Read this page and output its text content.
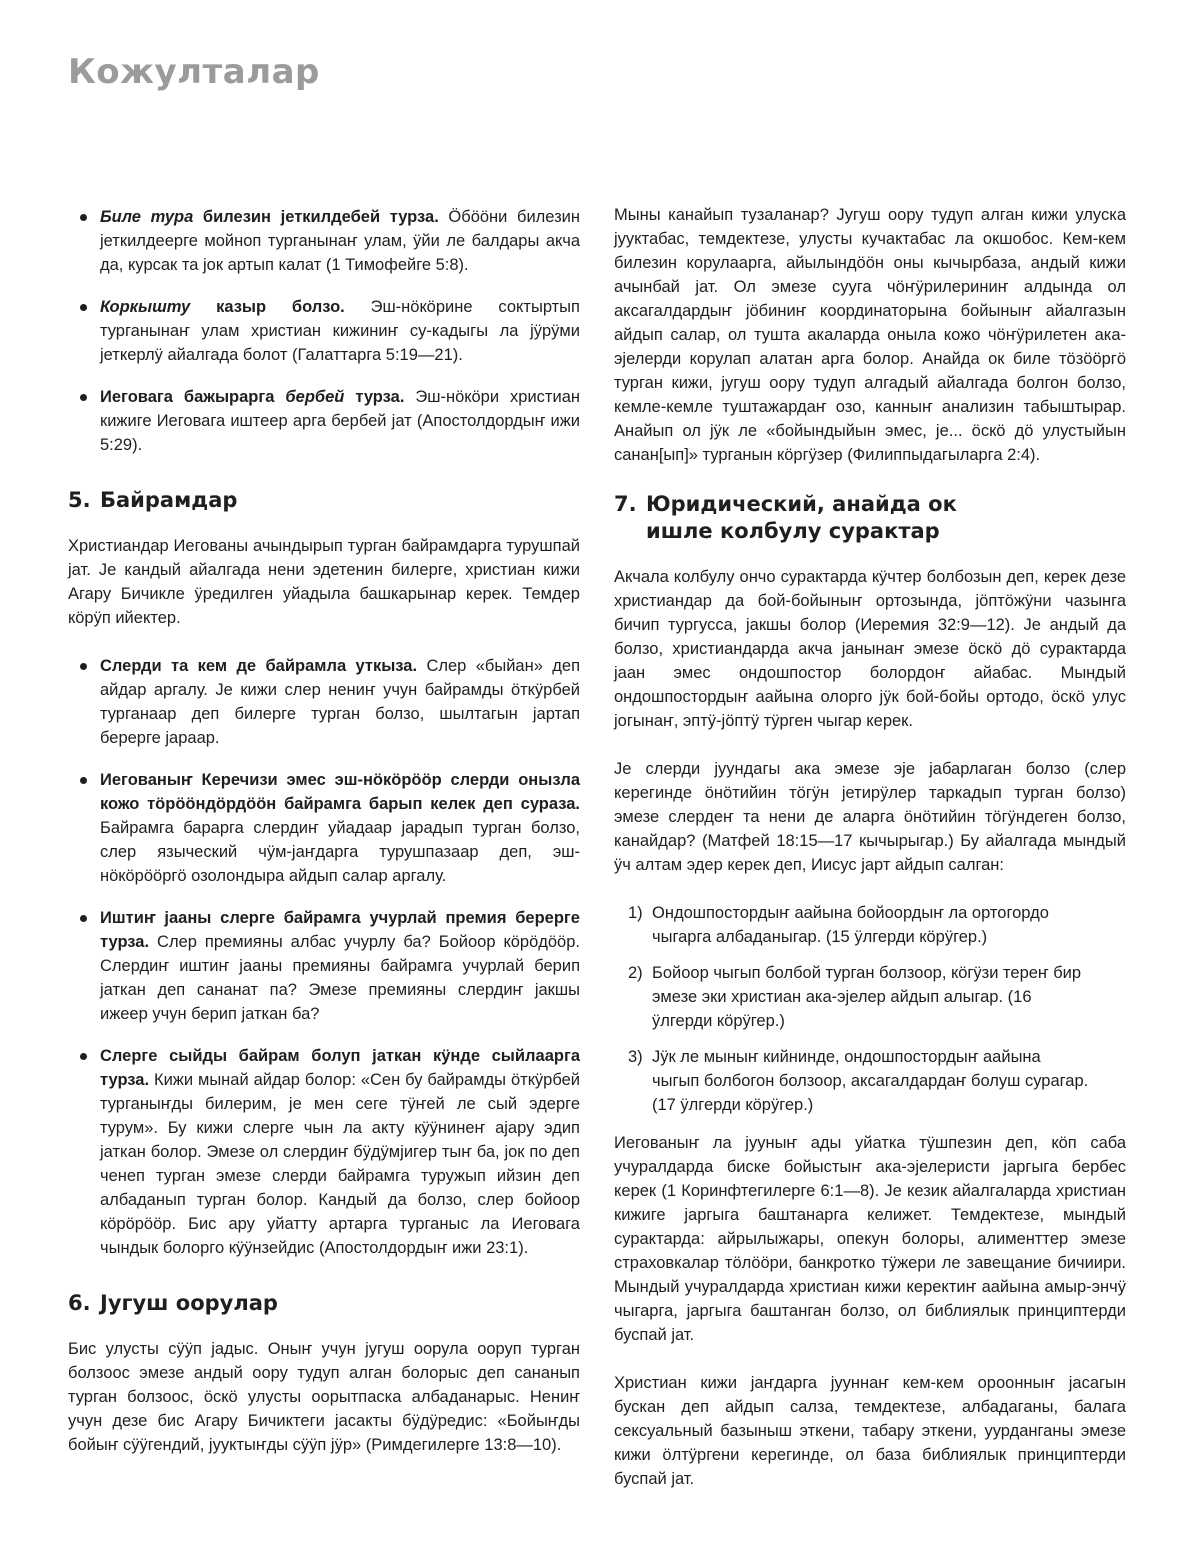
Кожулталар
Биле тура билезин јеткилдебей турза. Ӧбӧӧни билезин јеткилдеерге мойноп турганынаҥ улам, ӱйи ле балдары акча да, курсак та јок артып калат (1 Тимофейге 5:8).
Коркышту казыр болзо. Эш-нӧкӧрине соктыртып турганынаҥ улам христиан кижиниҥ су-кадыгы ла јӱрӱми јеткерлӱ айалгада болот (Галаттарга 5:19—21).
Иеговага бажырарга бербей турза. Эш-нӧкӧри христиан кижиге Иеговага иштеер арга бербей јат (Апостолдордыҥ ижи 5:29).
5. Байрамдар

Христиандар Иегованы ачындырып турган байрамдарга турушпай јат. Је кандый айалгада нени эдетенин билерге, христиан кижи Агару Бичикле ӱредилген уйадыла башкарынар керек. Темдер кӧрӱп ийектер.

Слерди та кем де байрамла уткыза. Слер «быйан» деп айдар аргалу. Је кижи слер нениҥ учун байрамды ӧткӱрбей турганаар деп билерге турган болзо, шылтагын јартап берерге јараар.
Иегованыҥ Керечизи эмес эш-нӧкӧрӧӧр слерди онызла кожо тӧрӧӧндӧрдӧӧн байрамга барып келек деп сураза. Байрамга барарга слердиҥ уйадаар јарадып турган болзо, слер языческий чӱм-јаҥдарга турушпазаар деп, эш-нӧкӧрӧӧргӧ озолондыра айдып салар аргалу.
Иштиҥ јааны слерге байрамга учурлай премия берерге турза. Слер премияны албас учурлу ба? Бойоор кӧрӧдӧӧр. Слердиҥ иштиҥ јааны премияны байрамга учурлай берип јаткан деп сананат па? Эмезе премияны слердиҥ јакшы ижеер учун берип јаткан ба?
Слерге сыйды байрам болуп јаткан кӱнде сыйлаарга турза. Кижи мынай айдар болор: «Сен бу байрамды ӧткӱрбей турганыҥды билерим, је мен сеге тӱҥей ле сый эдерге турум». Бу кижи слерге чын ла акту кӱӱнинеҥ ајару эдип јаткан болор. Эмезе ол слердиҥ бӱдӱмјигер тыҥ ба, јок по деп ченеп турган эмезе слерди байрамга туружып ийзин деп албаданып турган болор. Кандый да болзо, слер бойоор кӧрӧрӧӧр. Бис ару уйатту артарга турганыс ла Иеговага чындык болорго кӱӱнзейдис (Апостолдордыҥ ижи 23:1).
6. Југуш оорулар

Бис улусты сӱӱп јадыс. Оныҥ учун југуш оорула ооруп турган болзоос эмезе андый оору тудуп алган болорыс деп сананып турган болзоос, ӧскӧ улусты оорытпаска албаданарыс. Нениҥ учун дезе бис Агару Бичиктеги јасакты бӱдӱредис: «Бойыҥды бойыҥ сӱӱгендий, јууктыҥды сӱӱп јӱр» (Римдегилерге 13:8—10).

Мыны канайып тузаланар? Југуш оору тудуп алган кижи улуска јууктабас, темдектезе, улусты кучактабас ла окшобос. Кем-кем билезин корулаарга, айылындӧӧн оны кычырбаза, андый кижи ачынбай јат. Ол эмезе сууга чӧҥӱрилериниҥ алдында ол аксагалдардыҥ јӧбиниҥ координаторына бойыныҥ айалгазын айдып салар, ол тушта акаларда оныла кожо чӧҥӱрилетен ака-эјелерди корулап алатан арга болор. Анайда ок биле тӧзӧӧргӧ турган кижи, југуш оору тудуп алгадый айалгада болгон болзо, кемле-кемле туштажардаҥ озо, канныҥ анализин табыштырар. Анайып ол јӱк ле «бойындыйын эмес, је... ӧскӧ дӧ улустыйын санан[ып]» турганын кӧргӱзер (Филиппыдагыларга 2:4).

7. Юридический, анайда ок
ишле колбулу сурактар

Акчала колбулу ончо сурактарда кӱчтер болбозын деп, керек дезе христиандар да бой-бойыныҥ ортозында, јӧптӧжӱни чазынга бичип тургусса, јакшы болор (Иеремия 32:9—12). Је андый да болзо, христиандарда акча јанынаҥ эмезе ӧскӧ дӧ сурактарда јаан эмес ондошпостор болордоҥ айабас. Мындый ондошпостордыҥ аайына олорго јӱк бой-бойы ортодо, ӧскӧ улус јогынаҥ, эптӱ-јӧптӱ тӱрген чыгар керек.

Је слерди јуундагы ака эмезе эје јабарлаган болзо (слер керегинде ӧнӧтийин тӧгӱн јетирӱлер таркадып турган болзо) эмезе слердеҥ та нени де аларга ӧнӧтийин тӧгӱндеген болзо, канайдар? (Матфей 18:15—17 кычырыгар.) Бу айалгада мындый ӱч алтам эдер керек деп, Иисус јарт айдып салган:

1) Ондошпостордыҥ аайына бойоордыҥ ла ортогордо чыгарга албаданыгар. (15 ӱлгерди кӧрӱгер.)
2) Бойоор чыгып болбой турган болзоор, кӧгӱзи тереҥ бир эмезе эки христиан ака-эјелер айдып алыгар. (16 ӱлгерди кӧрӱгер.)
3) Јӱк ле мыныҥ кийнинде, ондошпостордыҥ аайына чыгып болбогон болзоор, аксагалдардаҥ болуш сурагар. (17 ӱлгерди кӧрӱгер.)

Иегованыҥ ла јууныҥ ады уйатка тӱшпезин деп, кӧп саба учуралдарда биске бойыстыҥ ака-эјелеристи јаргыга бербес керек (1 Коринфтегилерге 6:1—8). Је кезик айалгаларда христиан кижиге јаргыга баштанарга келижет. Темдектезе, мындый сурактарда: айрылыжары, опекун болоры, алименттер эмезе страховкалар тӧлӧӧри, банкротко тӱжери ле завещание бичиири. Мындый учуралдарда христиан кижи керектиҥ аайына амыр-энчӱ чыгарга, јаргыга баштанган болзо, ол библиялык принциптерди буспай јат.

Христиан кижи јаҥдарга јууннаҥ кем-кем ороонныҥ јасагын бускан деп айдып салза, темдектезе, албадаганы, балага сексуальный базыныш эткени, табару эткени, уурданганы эмезе кижи ӧлтӱргени керегинде, ол база библиялык принциптерди буспай јат.
